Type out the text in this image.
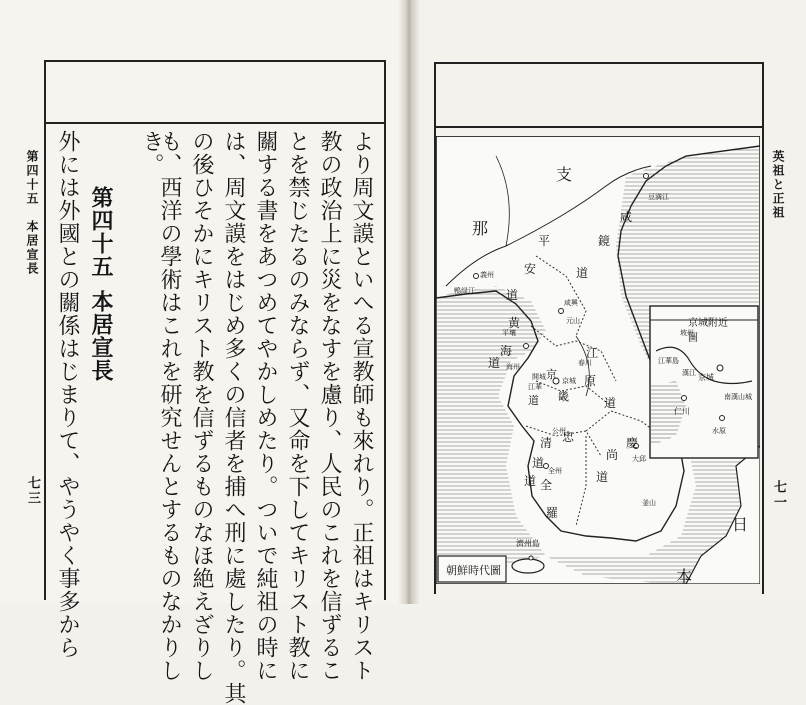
第四十五　本居宣長
七三	より周文謨といへる宣教師も來れり。正祖はキリスト
教の政治上に災をなすを慮り、人民のこれを信ずるこ
とを禁じたるのみならず、又命を下してキリスト教に
關する書をあつめてやかしめたり。ついで純祖の時に
は、周文謨をはじめ多くの信者を捕へ刑に處したり。其
の後ひそかにキリスト教を信ずるものなほ絶えざりし
も、西洋の學術はこれを研究せんとするものなかりし
き。
第四十五
本居宣長
外には外國との關係はじまりて、やうやく事多から	英祖と正祖
七一
京城附近圖
朝鮮時代圖
支
那
日
本
咸
鏡
道
平
安
道
黄
海
道
江
原
道
京
畿
道
忠
清
道
慶
尚
道
全
羅
道
濟州島
京城
平壤
鴨緑江
義州
海州
開城
春川
江華
大邱
釜山
全州
公州
元山
咸興
豆満江
京城
仁川
漢江
江華島
水原
南漢山城
坡州
